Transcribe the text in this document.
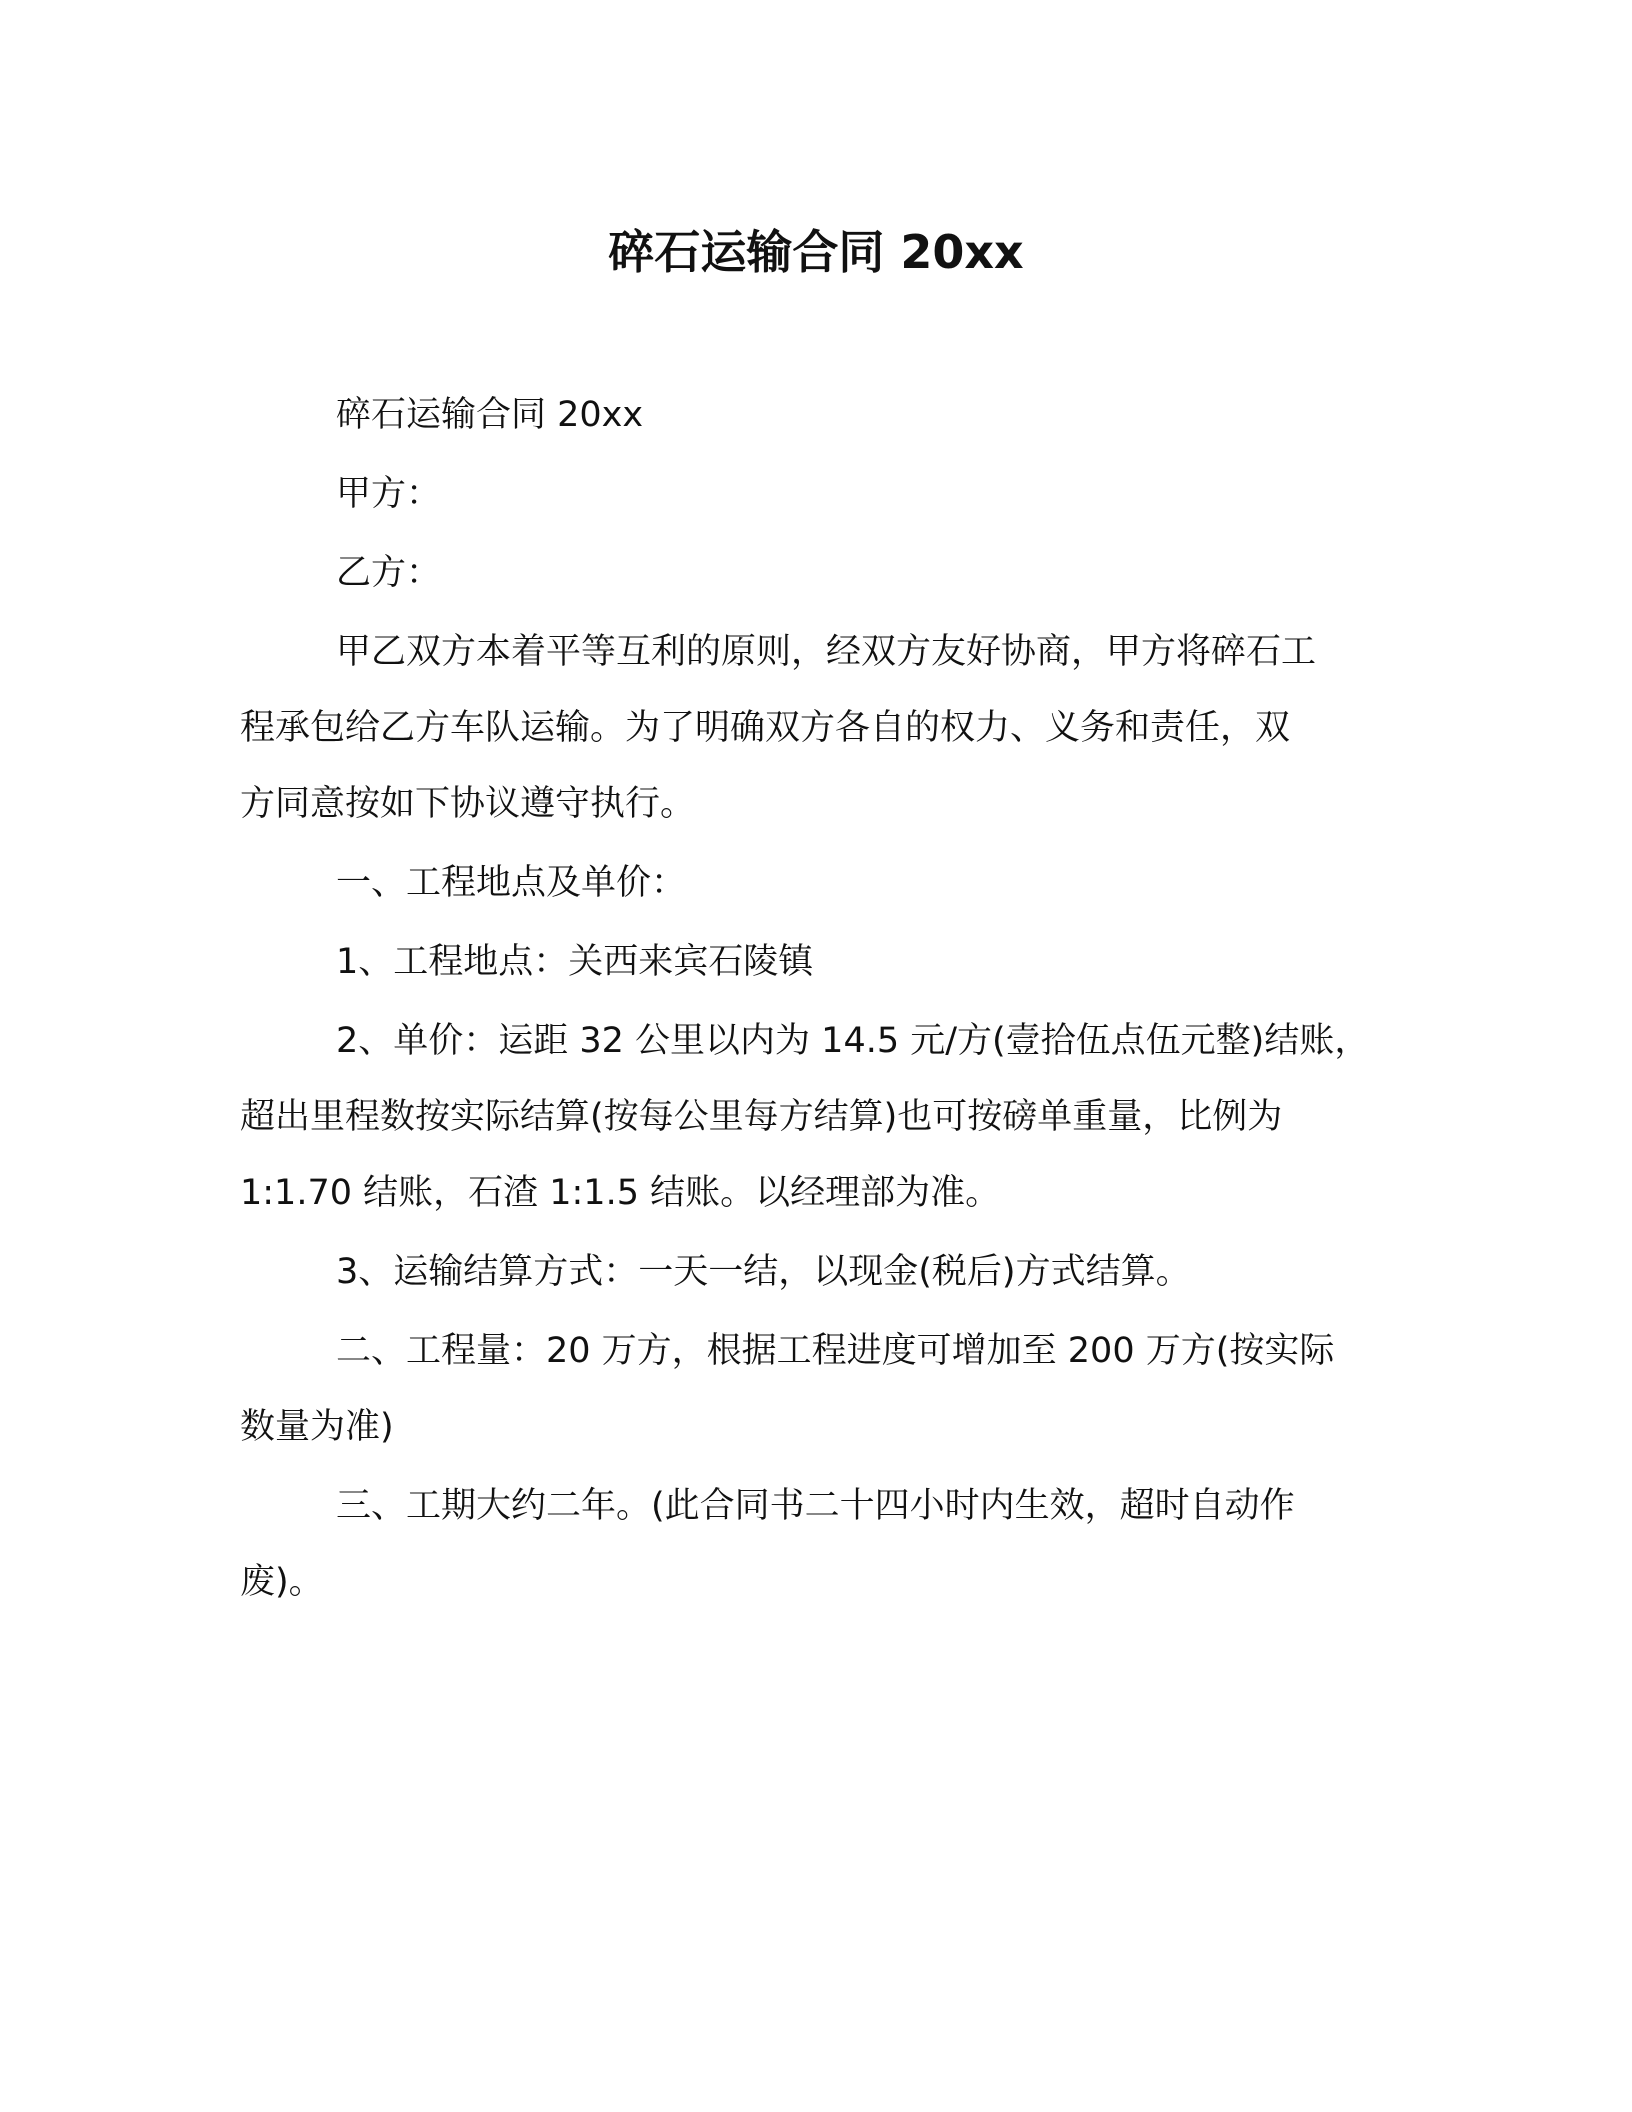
碎石运输合同 20xx

碎石运输合同 20xx

甲方：

乙方：

甲乙双方本着平等互利的原则，经双方友好协商，甲方将碎石工
程承包给乙方车队运输。为了明确双方各自的权力、义务和责任，双
方同意按如下协议遵守执行。

一、工程地点及单价：

1、工程地点：关西来宾石陵镇

2、单价：运距 32 公里以内为 14.5 元/方(壹拾伍点伍元整)结账，
超出里程数按实际结算(按每公里每方结算)也可按磅单重量，比例为
1:1.70 结账，石渣 1:1.5 结账。以经理部为准。

3、运输结算方式：一天一结，以现金(税后)方式结算。

二、工程量：20 万方，根据工程进度可增加至 200 万方(按实际
数量为准)
三、工期大约二年。(此合同书二十四小时内生效，超时自动作
废)。
